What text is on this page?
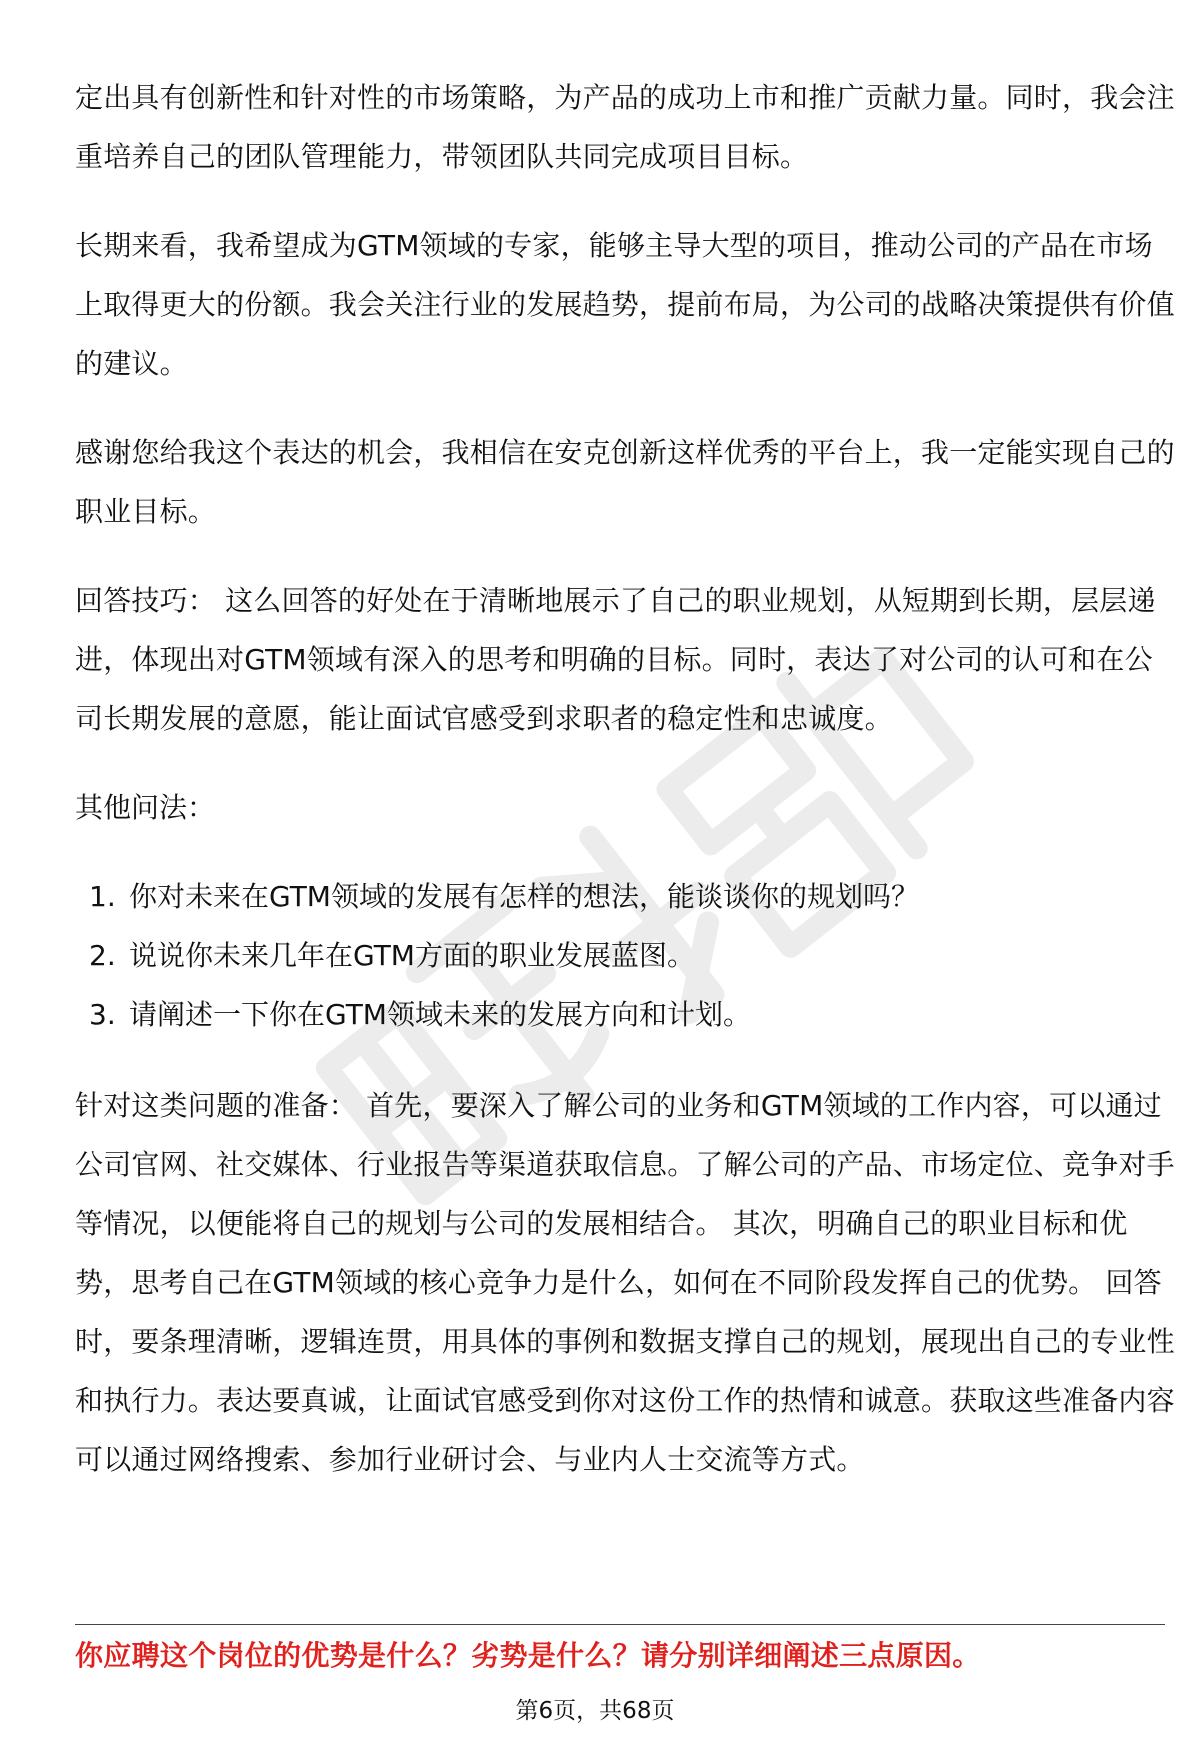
定出具有创新性和针对性的市场策略，为产品的成功上市和推广贡献力量。同时，我会注重培养自己的团队管理能力，带领团队共同完成项目目标。

长期来看，我希望成为GTM领域的专家，能够主导大型的项目，推动公司的产品在市场上取得更大的份额。我会关注行业的发展趋势，提前布局，为公司的战略决策提供有价值的建议。

感谢您给我这个表达的机会，我相信在安克创新这样优秀的平台上，我一定能实现自己的职业目标。

回答技巧： 这么回答的好处在于清晰地展示了自己的职业规划，从短期到长期，层层递进，体现出对GTM领域有深入的思考和明确的目标。同时，表达了对公司的认可和在公司长期发展的意愿，能让面试官感受到求职者的稳定性和忠诚度。

其他问法：

1. 你对未来在GTM领域的发展有怎样的想法，能谈谈你的规划吗？
2. 说说你未来几年在GTM方面的职业发展蓝图。
3. 请阐述一下你在GTM领域未来的发展方向和计划。

针对这类问题的准备： 首先，要深入了解公司的业务和GTM领域的工作内容，可以通过公司官网、社交媒体、行业报告等渠道获取信息。了解公司的产品、市场定位、竞争对手等情况，以便能将自己的规划与公司的发展相结合。 其次，明确自己的职业目标和优势，思考自己在GTM领域的核心竞争力是什么，如何在不同阶段发挥自己的优势。 回答时，要条理清晰，逻辑连贯，用具体的事例和数据支撑自己的规划，展现出自己的专业性和执行力。表达要真诚，让面试官感受到你对这份工作的热情和诚意。获取这些准备内容可以通过网络搜索、参加行业研讨会、与业内人士交流等方式。

你应聘这个岗位的优势是什么？劣势是什么？请分别详细阐述三点原因。
第6页，共68页
